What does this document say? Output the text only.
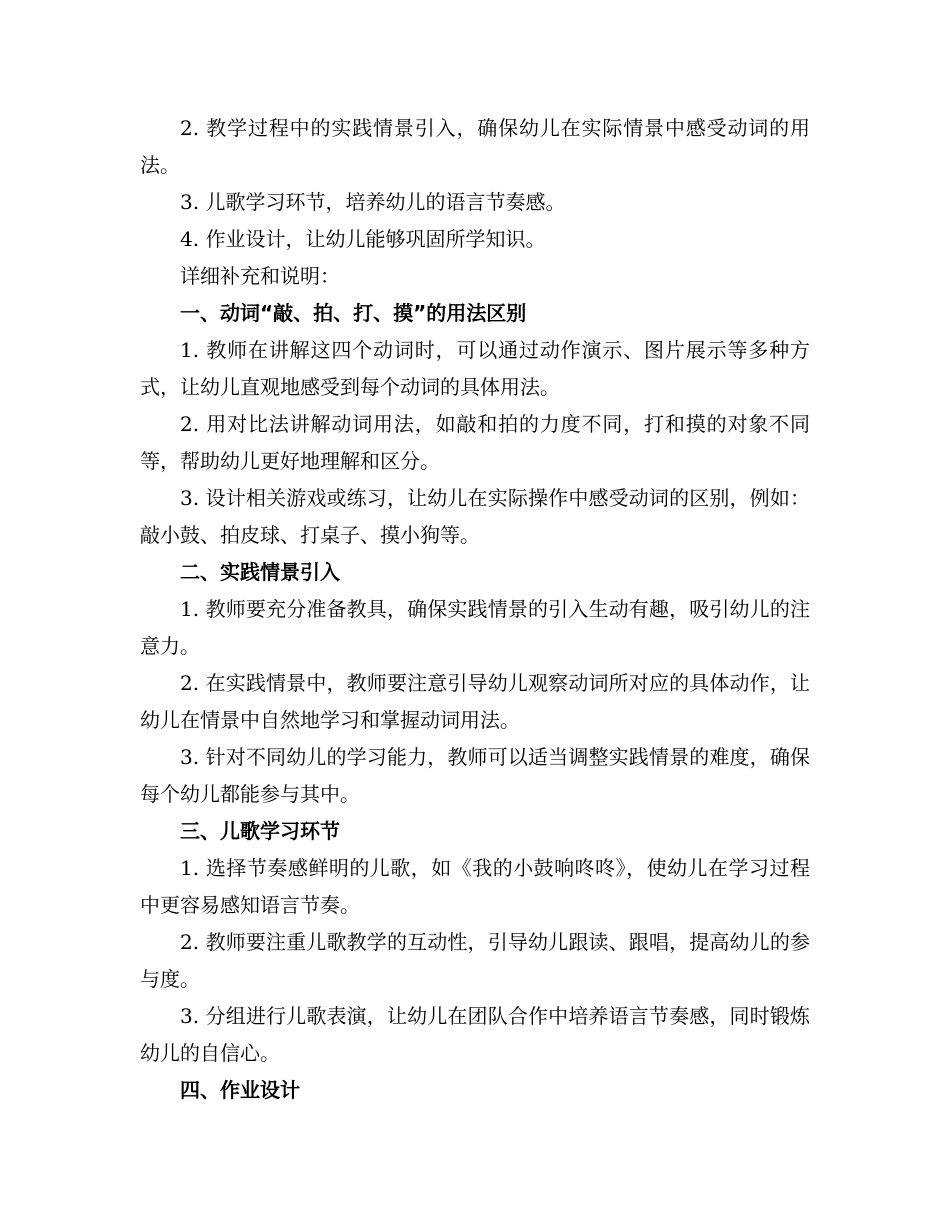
2. 教学过程中的实践情景引入，确保幼儿在实际情景中感受动词的用法。

3. 儿歌学习环节，培养幼儿的语言节奏感。

4. 作业设计，让幼儿能够巩固所学知识。

详细补充和说明：

一、动词“敲、拍、打、摸”的用法区别

1. 教师在讲解这四个动词时，可以通过动作演示、图片展示等多种方式，让幼儿直观地感受到每个动词的具体用法。

2. 用对比法讲解动词用法，如敲和拍的力度不同，打和摸的对象不同等，帮助幼儿更好地理解和区分。

3. 设计相关游戏或练习，让幼儿在实际操作中感受动词的区别，例如：敲小鼓、拍皮球、打桌子、摸小狗等。

二、实践情景引入

1. 教师要充分准备教具，确保实践情景的引入生动有趣，吸引幼儿的注意力。

2. 在实践情景中，教师要注意引导幼儿观察动词所对应的具体动作，让幼儿在情景中自然地学习和掌握动词用法。

3. 针对不同幼儿的学习能力，教师可以适当调整实践情景的难度，确保每个幼儿都能参与其中。

三、儿歌学习环节

1. 选择节奏感鲜明的儿歌，如《我的小鼓响咚咚》，使幼儿在学习过程中更容易感知语言节奏。

2. 教师要注重儿歌教学的互动性，引导幼儿跟读、跟唱，提高幼儿的参与度。

3. 分组进行儿歌表演，让幼儿在团队合作中培养语言节奏感，同时锻炼幼儿的自信心。

四、作业设计
